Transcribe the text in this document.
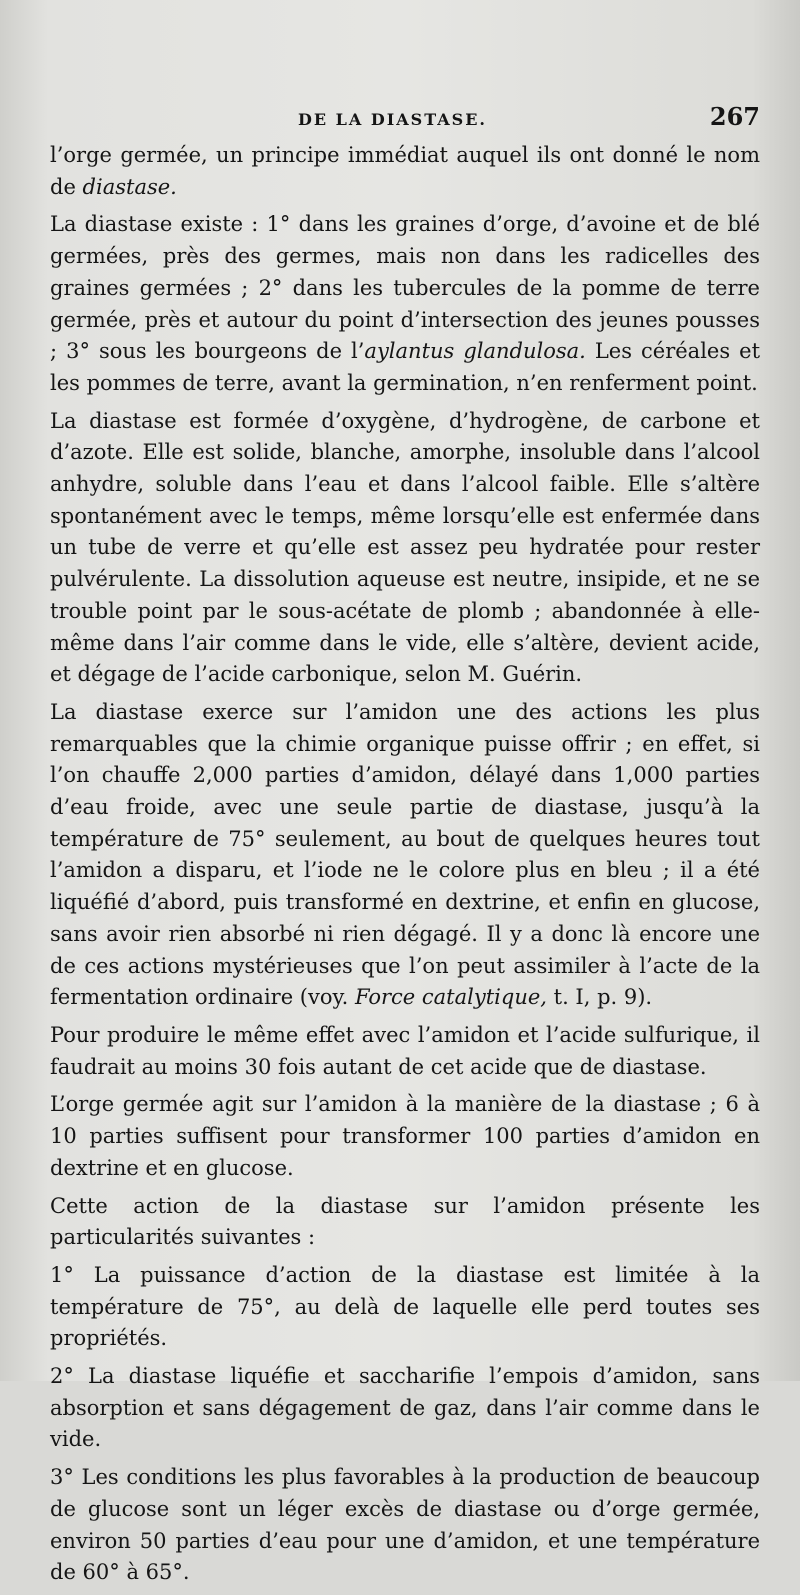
DE LA DIASTASE.	267

l’orge germée, un principe immédiat auquel ils ont donné le nom de diastase.

La diastase existe : 1° dans les graines d’orge, d’avoine et de blé germées, près des germes, mais non dans les radicelles des graines germées ; 2° dans les tubercules de la pomme de terre germée, près et autour du point d’intersection des jeunes pousses ; 3° sous les bourgeons de l’aylantus glandulosa. Les céréales et les pommes de terre, avant la germination, n’en renferment point.

La diastase est formée d’oxygène, d’hydrogène, de carbone et d’azote. Elle est solide, blanche, amorphe, insoluble dans l’alcool anhydre, soluble dans l’eau et dans l’alcool faible. Elle s’altère spontanément avec le temps, même lorsqu’elle est enfermée dans un tube de verre et qu’elle est assez peu hydratée pour rester pulvérulente. La dissolution aqueuse est neutre, insipide, et ne se trouble point par le sous-acétate de plomb ; abandonnée à elle-même dans l’air comme dans le vide, elle s’altère, devient acide, et dégage de l’acide carbonique, selon M. Guérin.

La diastase exerce sur l’amidon une des actions les plus remarquables que la chimie organique puisse offrir ; en effet, si l’on chauffe 2,000 parties d’amidon, délayé dans 1,000 parties d’eau froide, avec une seule partie de diastase, jusqu’à la température de 75° seulement, au bout de quelques heures tout l’amidon a disparu, et l’iode ne le colore plus en bleu ; il a été liquéfié d’abord, puis transformé en dextrine, et enfin en glucose, sans avoir rien absorbé ni rien dégagé. Il y a donc là encore une de ces actions mystérieuses que l’on peut assimiler à l’acte de la fermentation ordinaire (voy. Force catalytique, t. I, p. 9).

Pour produire le même effet avec l’amidon et l’acide sulfurique, il faudrait au moins 30 fois autant de cet acide que de diastase.

L’orge germée agit sur l’amidon à la manière de la diastase ; 6 à 10 parties suffisent pour transformer 100 parties d’amidon en dextrine et en glucose.

Cette action de la diastase sur l’amidon présente les particularités suivantes :

1° La puissance d’action de la diastase est limitée à la température de 75°, au delà de laquelle elle perd toutes ses propriétés.

2° La diastase liquéfie et saccharifie l’empois d’amidon, sans absorption et sans dégagement de gaz, dans l’air comme dans le vide.

3° Les conditions les plus favorables à la production de beaucoup de glucose sont un léger excès de diastase ou d’orge germée, environ 50 parties d’eau pour une d’amidon, et une température de 60° à 65°.
